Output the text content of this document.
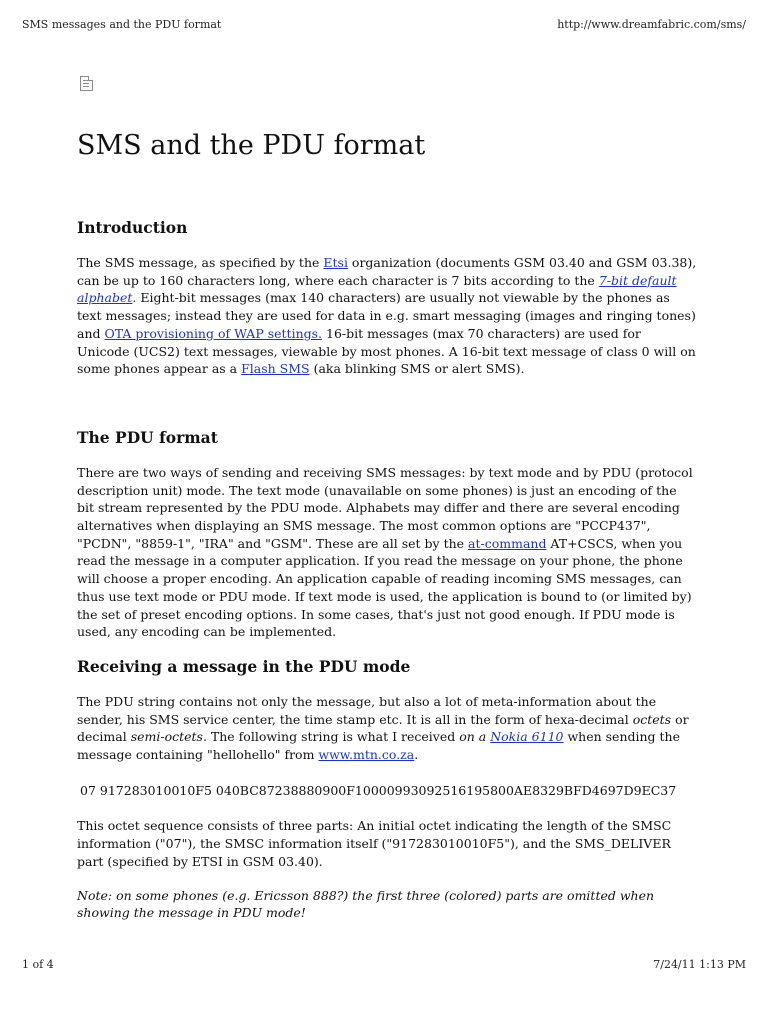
SMS messages and the PDU format	http://www.dreamfabric.com/sms/
SMS and the PDU format
Introduction

The SMS message, as specified by the Etsi organization (documents GSM 03.40 and GSM 03.38), can be up to 160 characters long, where each character is 7 bits according to the 7-bit default alphabet. Eight-bit messages (max 140 characters) are usually not viewable by the phones as text messages; instead they are used for data in e.g. smart messaging (images and ringing tones) and OTA provisioning of WAP settings. 16-bit messages (max 70 characters) are used for Unicode (UCS2) text messages, viewable by most phones. A 16-bit text message of class 0 will on some phones appear as a Flash SMS (aka blinking SMS or alert SMS).

The PDU format

There are two ways of sending and receiving SMS messages: by text mode and by PDU (protocol description unit) mode. The text mode (unavailable on some phones) is just an encoding of the bit stream represented by the PDU mode. Alphabets may differ and there are several encoding alternatives when displaying an SMS message. The most common options are "PCCP437", "PCDN", "8859-1", "IRA" and "GSM". These are all set by the at-command AT+CSCS, when you read the message in a computer application. If you read the message on your phone, the phone will choose a proper encoding. An application capable of reading incoming SMS messages, can thus use text mode or PDU mode. If text mode is used, the application is bound to (or limited by) the set of preset encoding options. In some cases, that's just not good enough. If PDU mode is used, any encoding can be implemented.

Receiving a message in the PDU mode

The PDU string contains not only the message, but also a lot of meta-information about the sender, his SMS service center, the time stamp etc. It is all in the form of hexa-decimal octets or decimal semi-octets. The following string is what I received on a Nokia 6110 when sending the message containing "hellohello" from www.mtn.co.za.

07 917283010010F5 040BC87238880900F10000993092516195800AE8329BFD4697D9EC37

This octet sequence consists of three parts: An initial octet indicating the length of the SMSC information ("07"), the SMSC information itself ("917283010010F5"), and the SMS_DELIVER part (specified by ETSI in GSM 03.40).

Note: on some phones (e.g. Ericsson 888?) the first three (colored) parts are omitted when showing the message in PDU mode!

1 of 4	7/24/11 1:13 PM
